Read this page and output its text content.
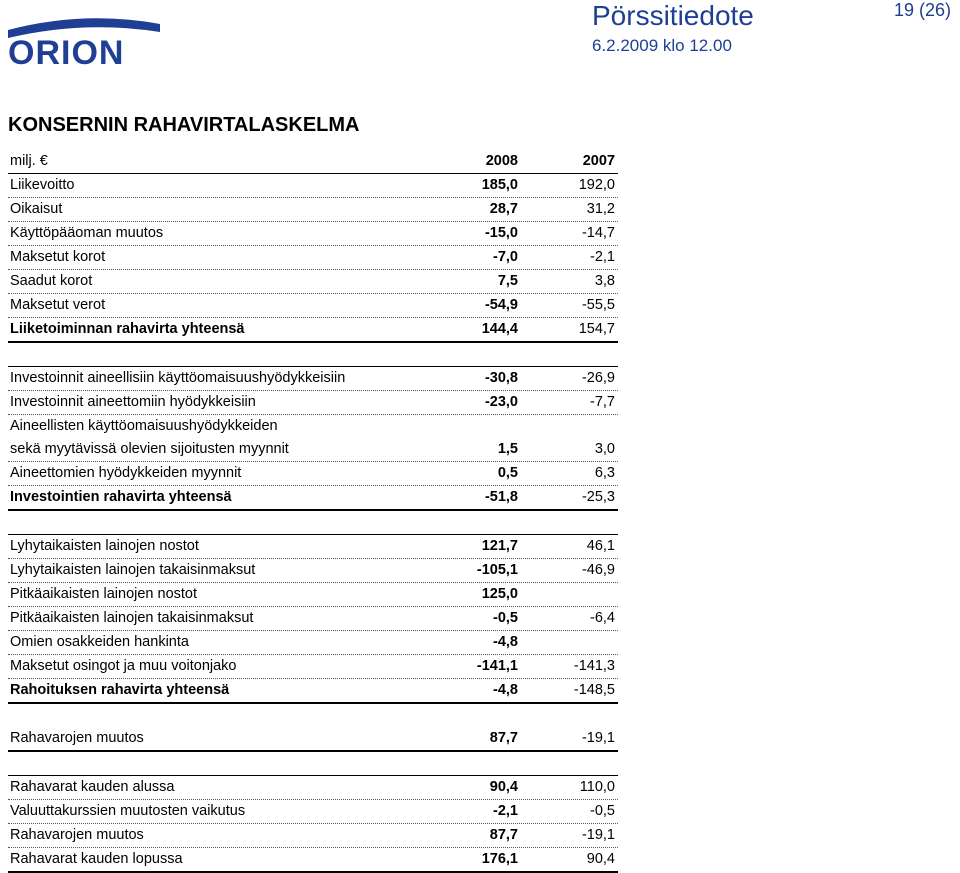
ORION
Pörssitiedote
6.2.2009 klo 12.00
19 (26)
KONSERNIN RAHAVIRTALASKELMA
milj. €	2008	2007
Liikevoitto	185,0	192,0
Oikaisut	28,7	31,2
Käyttöpääoman muutos	-15,0	-14,7
Maksetut korot	-7,0	-2,1
Saadut korot	7,5	3,8
Maksetut verot	-54,9	-55,5
Liiketoiminnan rahavirta yhteensä	144,4	154,7
Investoinnit aineellisiin käyttöomaisuushyödykkeisiin	-30,8	-26,9
Investoinnit aineettomiin hyödykkeisiin	-23,0	-7,7
Aineellisten käyttöomaisuushyödykkeiden
sekä myytävissä olevien sijoitusten myynnit	1,5	3,0
Aineettomien hyödykkeiden myynnit	0,5	6,3
Investointien rahavirta yhteensä	-51,8	-25,3
Lyhytaikaisten lainojen nostot	121,7	46,1
Lyhytaikaisten lainojen takaisinmaksut	-105,1	-46,9
Pitkäaikaisten lainojen nostot	125,0
Pitkäaikaisten lainojen takaisinmaksut	-0,5	-6,4
Omien osakkeiden hankinta	-4,8
Maksetut osingot ja muu voitonjako	-141,1	-141,3
Rahoituksen rahavirta yhteensä	-4,8	-148,5
Rahavarojen muutos	87,7	-19,1
Rahavarat kauden alussa	90,4	110,0
Valuuttakurssien muutosten vaikutus	-2,1	-0,5
Rahavarojen muutos	87,7	-19,1
Rahavarat kauden lopussa	176,1	90,4
